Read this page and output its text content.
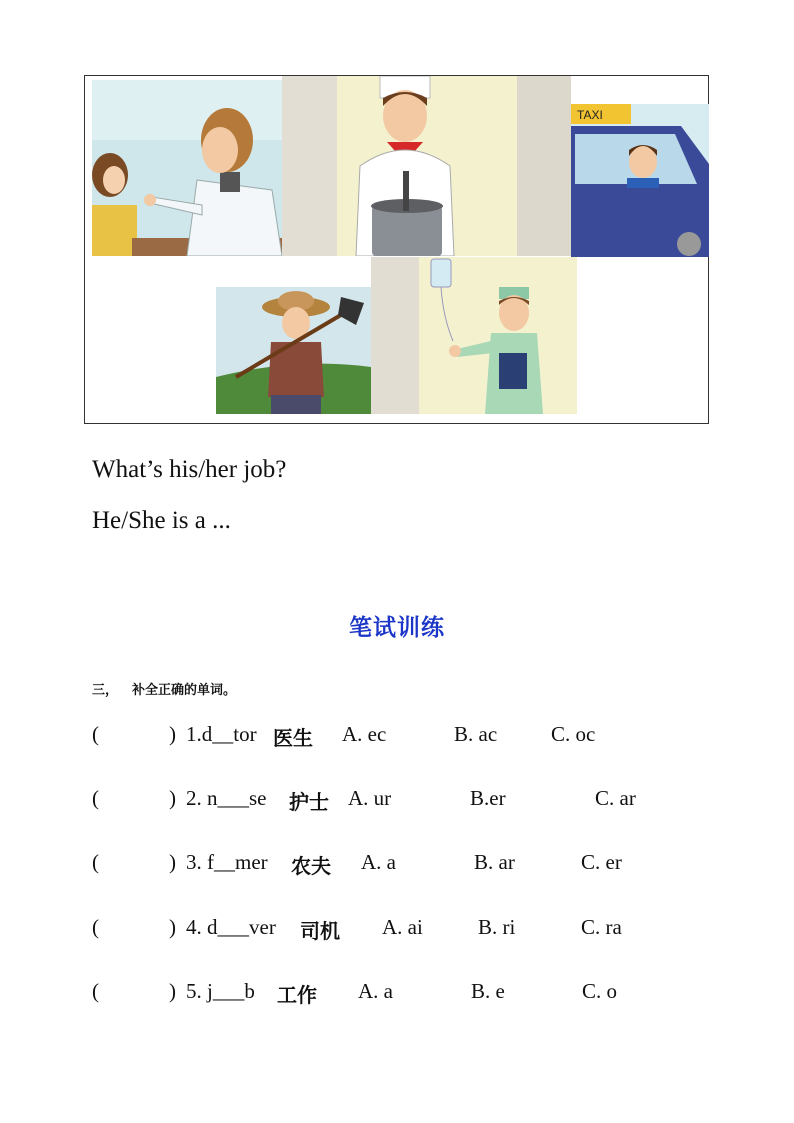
TAXI
What’s his/her job?
He/She is a ...
笔试训练
三， 补全正确的单词。
(	) 1.d__tor 医生 A. ec	B. ac	C. oc
(	) 2. n___se 护士 A. ur	B.er	C. ar
(	) 3. f__mer 农夫 A. a	B. ar	C. er
(	) 4. d___ver 司机 A. ai	B. ri	C. ra
(	) 5. j___b 工作 A. a	B. e	C. o
